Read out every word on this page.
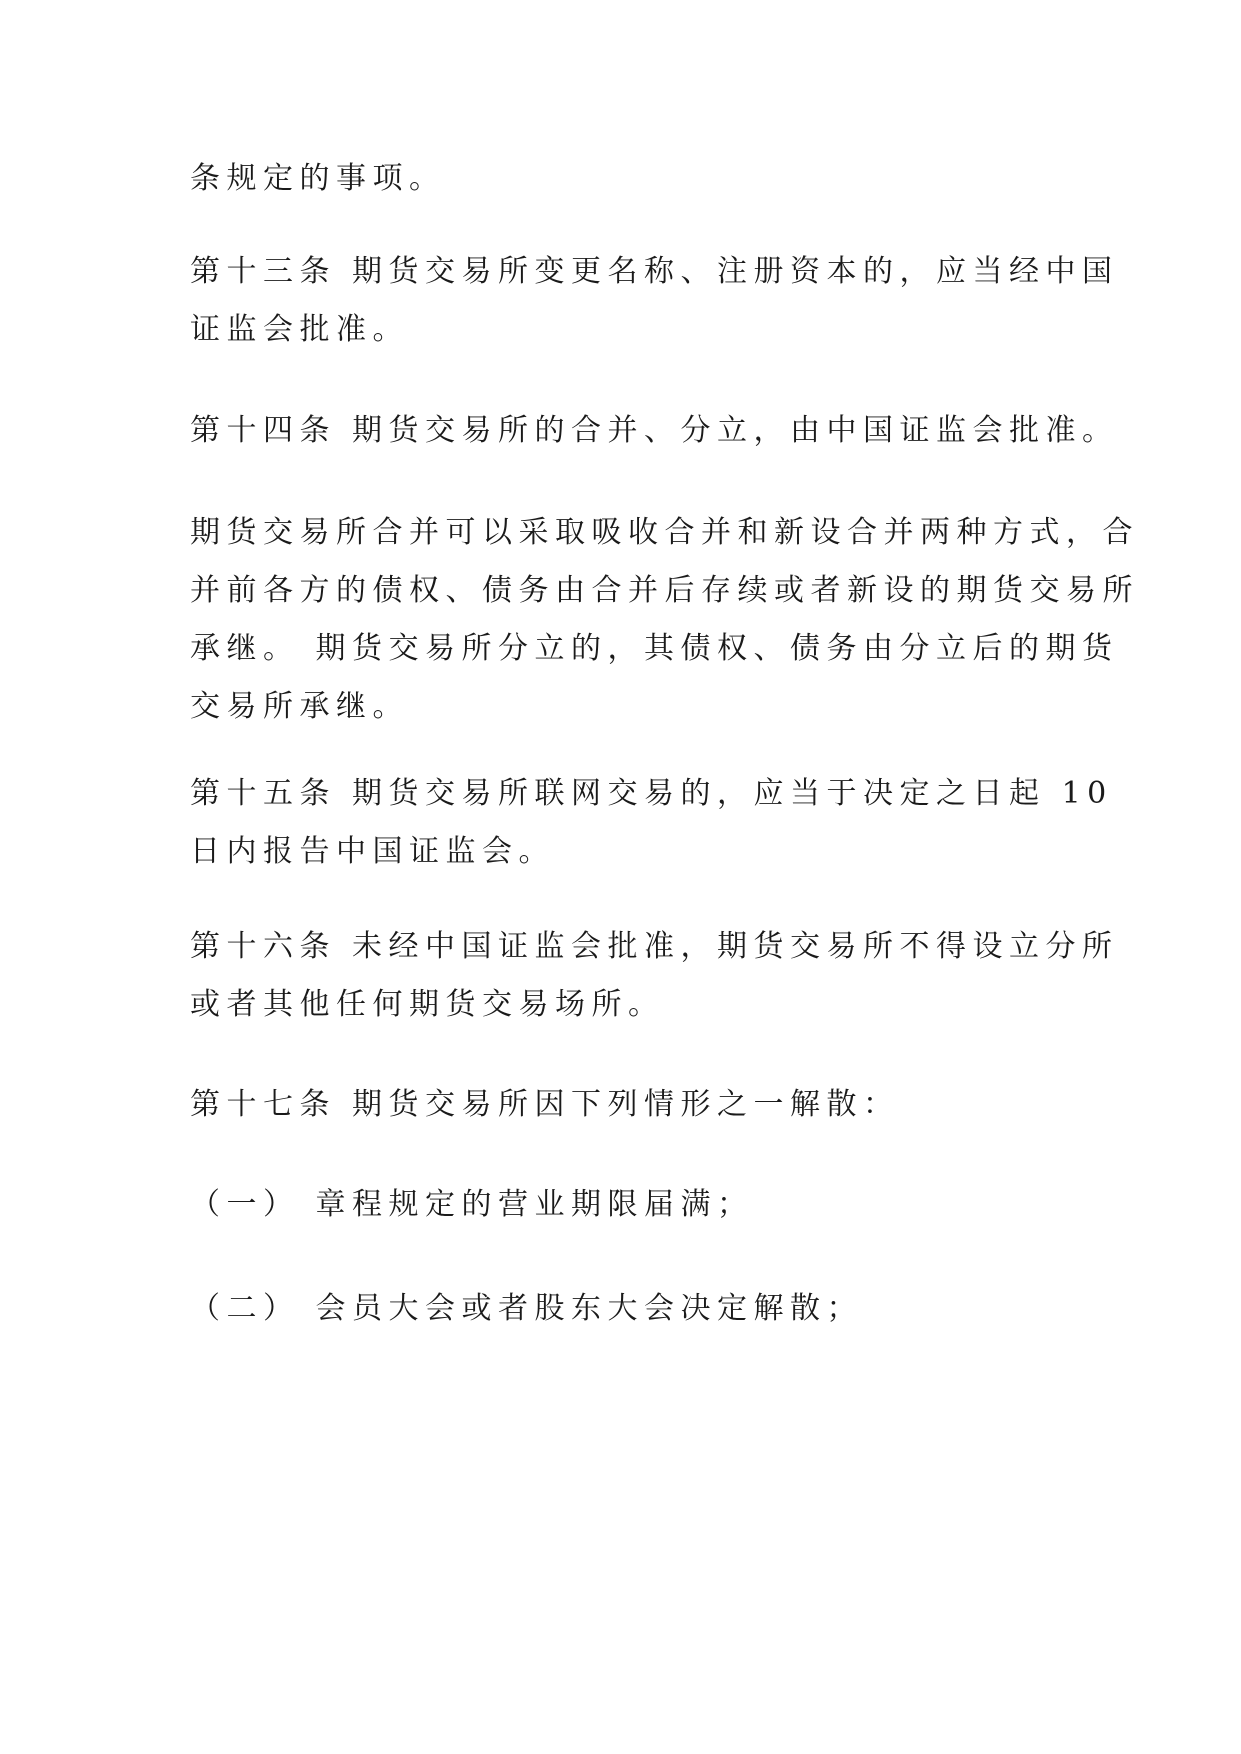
条规定的事项。
第十三条 期货交易所变更名称、注册资本的，应当经中国
证监会批准。
第十四条 期货交易所的合并、分立，由中国证监会批准。
期货交易所合并可以采取吸收合并和新设合并两种方式，合
并前各方的债权、债务由合并后存续或者新设的期货交易所
承继。 期货交易所分立的，其债权、债务由分立后的期货
交易所承继。
第十五条 期货交易所联网交易的，应当于决定之日起 10
日内报告中国证监会。
第十六条 未经中国证监会批准，期货交易所不得设立分所
或者其他任何期货交易场所。
第十七条 期货交易所因下列情形之一解散：
（一） 章程规定的营业期限届满；
（二） 会员大会或者股东大会决定解散；
